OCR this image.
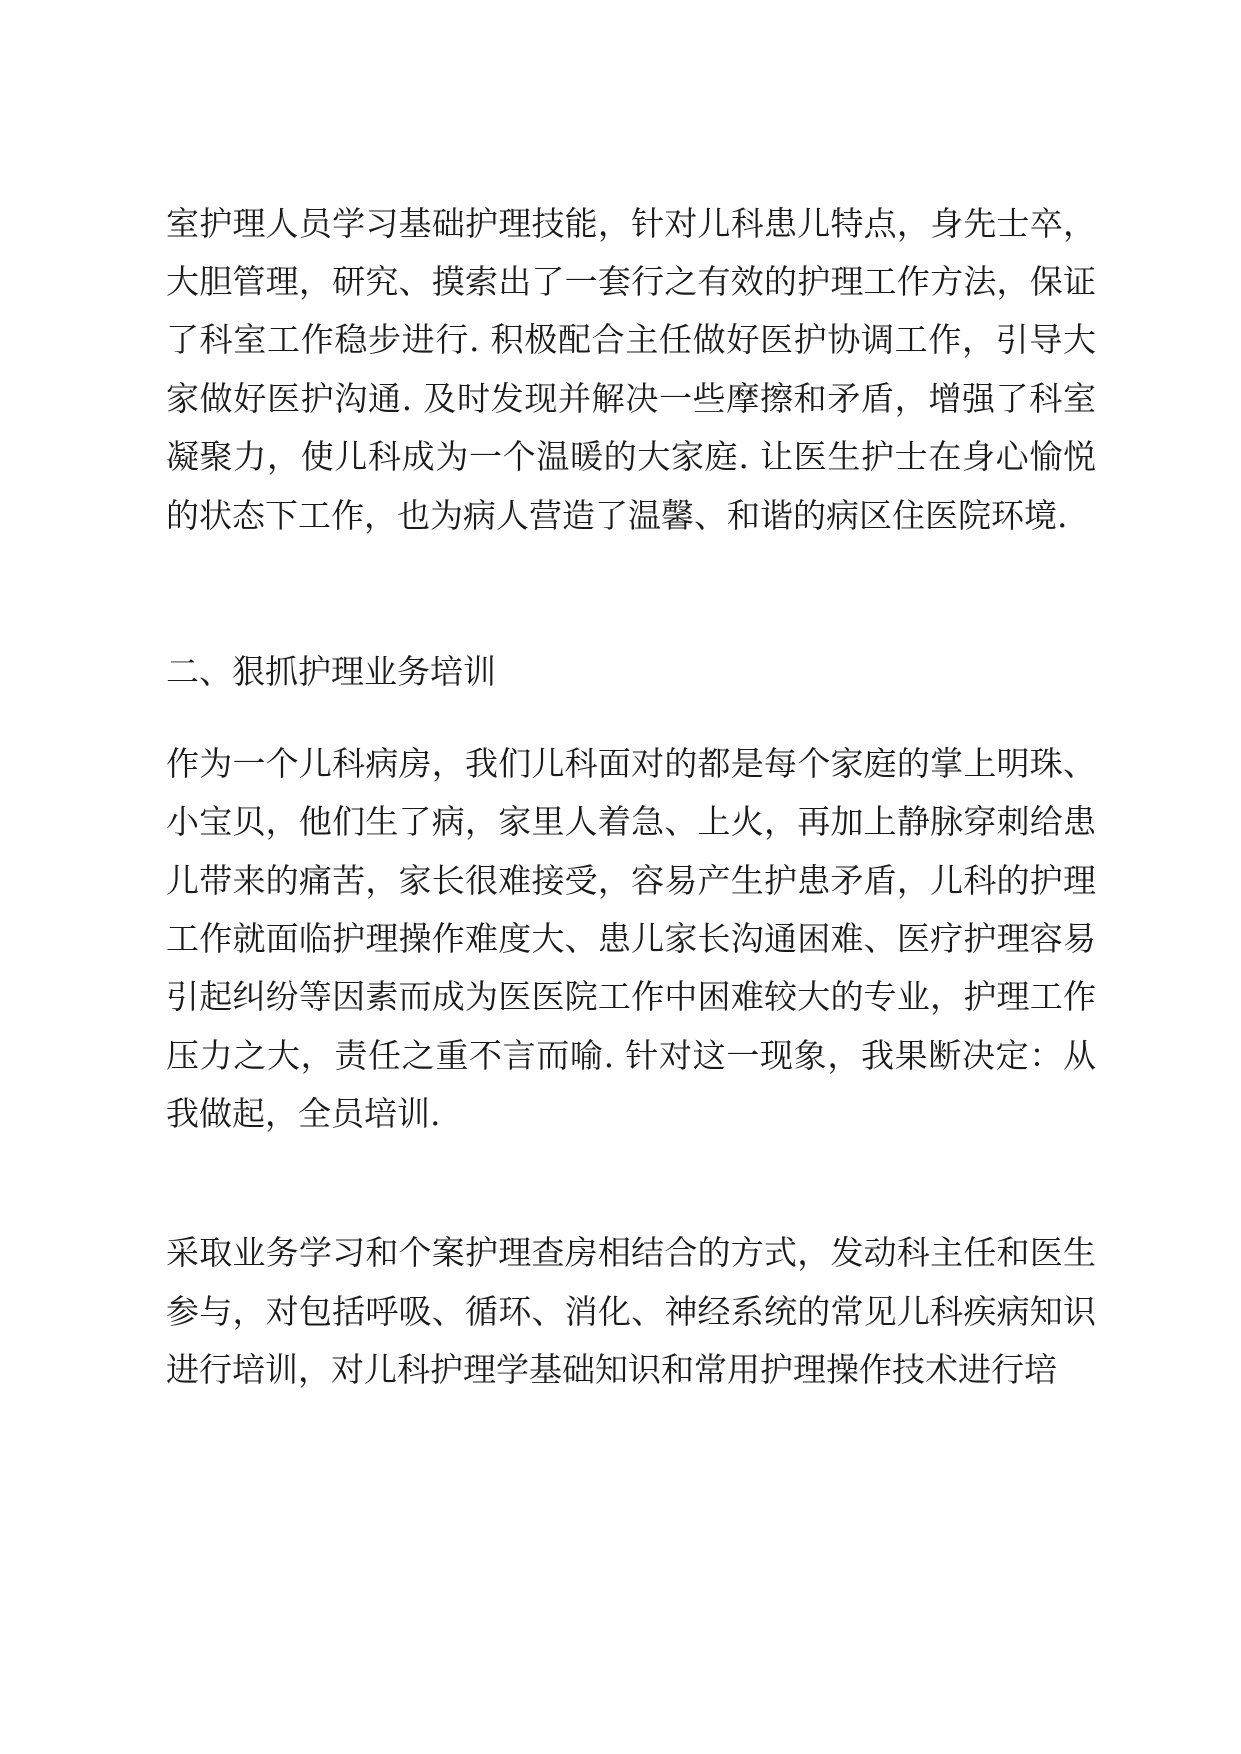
室护理人员学习基础护理技能，针对儿科患儿特点，身先士卒，
大胆管理，研究、摸索出了一套行之有效的护理工作方法，保证
了科室工作稳步进行. 积极配合主任做好医护协调工作，引导大
家做好医护沟通. 及时发现并解决一些摩擦和矛盾，增强了科室
凝聚力，使儿科成为一个温暖的大家庭. 让医生护士在身心愉悦
的状态下工作，也为病人营造了温馨、和谐的病区住医院环境.
二、狠抓护理业务培训
作为一个儿科病房，我们儿科面对的都是每个家庭的掌上明珠、
小宝贝，他们生了病，家里人着急、上火，再加上静脉穿刺给患
儿带来的痛苦，家长很难接受，容易产生护患矛盾，儿科的护理
工作就面临护理操作难度大、患儿家长沟通困难、医疗护理容易
引起纠纷等因素而成为医医院工作中困难较大的专业，护理工作
压力之大，责任之重不言而喻. 针对这一现象，我果断决定：从
我做起，全员培训.
采取业务学习和个案护理查房相结合的方式，发动科主任和医生
参与，对包括呼吸、循环、消化、神经系统的常见儿科疾病知识
进行培训，对儿科护理学基础知识和常用护理操作技术进行培
